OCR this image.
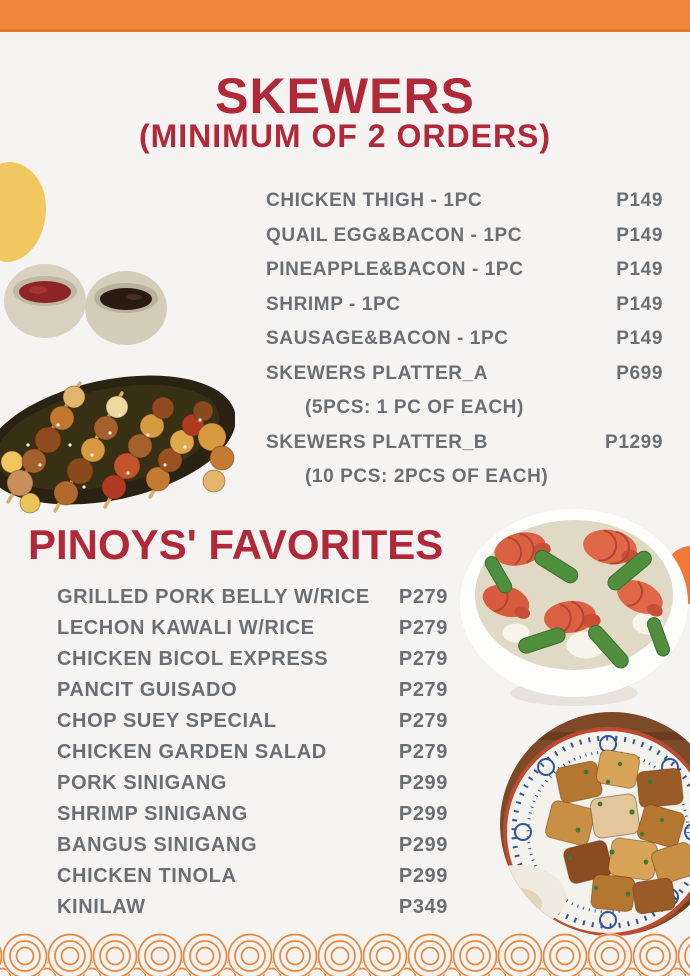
SKEWERS
(MINIMUM OF 2 ORDERS)
CHICKEN THIGH - 1PC	P149
QUAIL EGG&BACON - 1PC	P149
PINEAPPLE&BACON - 1PC	P149
SHRIMP - 1PC	P149
SAUSAGE&BACON - 1PC	P149
SKEWERS PLATTER_A	P699
(5PCS: 1 PC OF EACH)
SKEWERS PLATTER_B	P1299
(10 PCS: 2PCS OF EACH)
PINOYS' FAVORITES
GRILLED PORK BELLY W/RICE P279
LECHON KAWALI W/RICE	P279
CHICKEN BICOL EXPRESS	P279
PANCIT GUISADO	P279
CHOP SUEY SPECIAL	P279
CHICKEN GARDEN SALAD	P279
PORK SINIGANG	P299
SHRIMP SINIGANG	P299
BANGUS SINIGANG	P299
CHICKEN TINOLA	P299
KINILAW	P349
